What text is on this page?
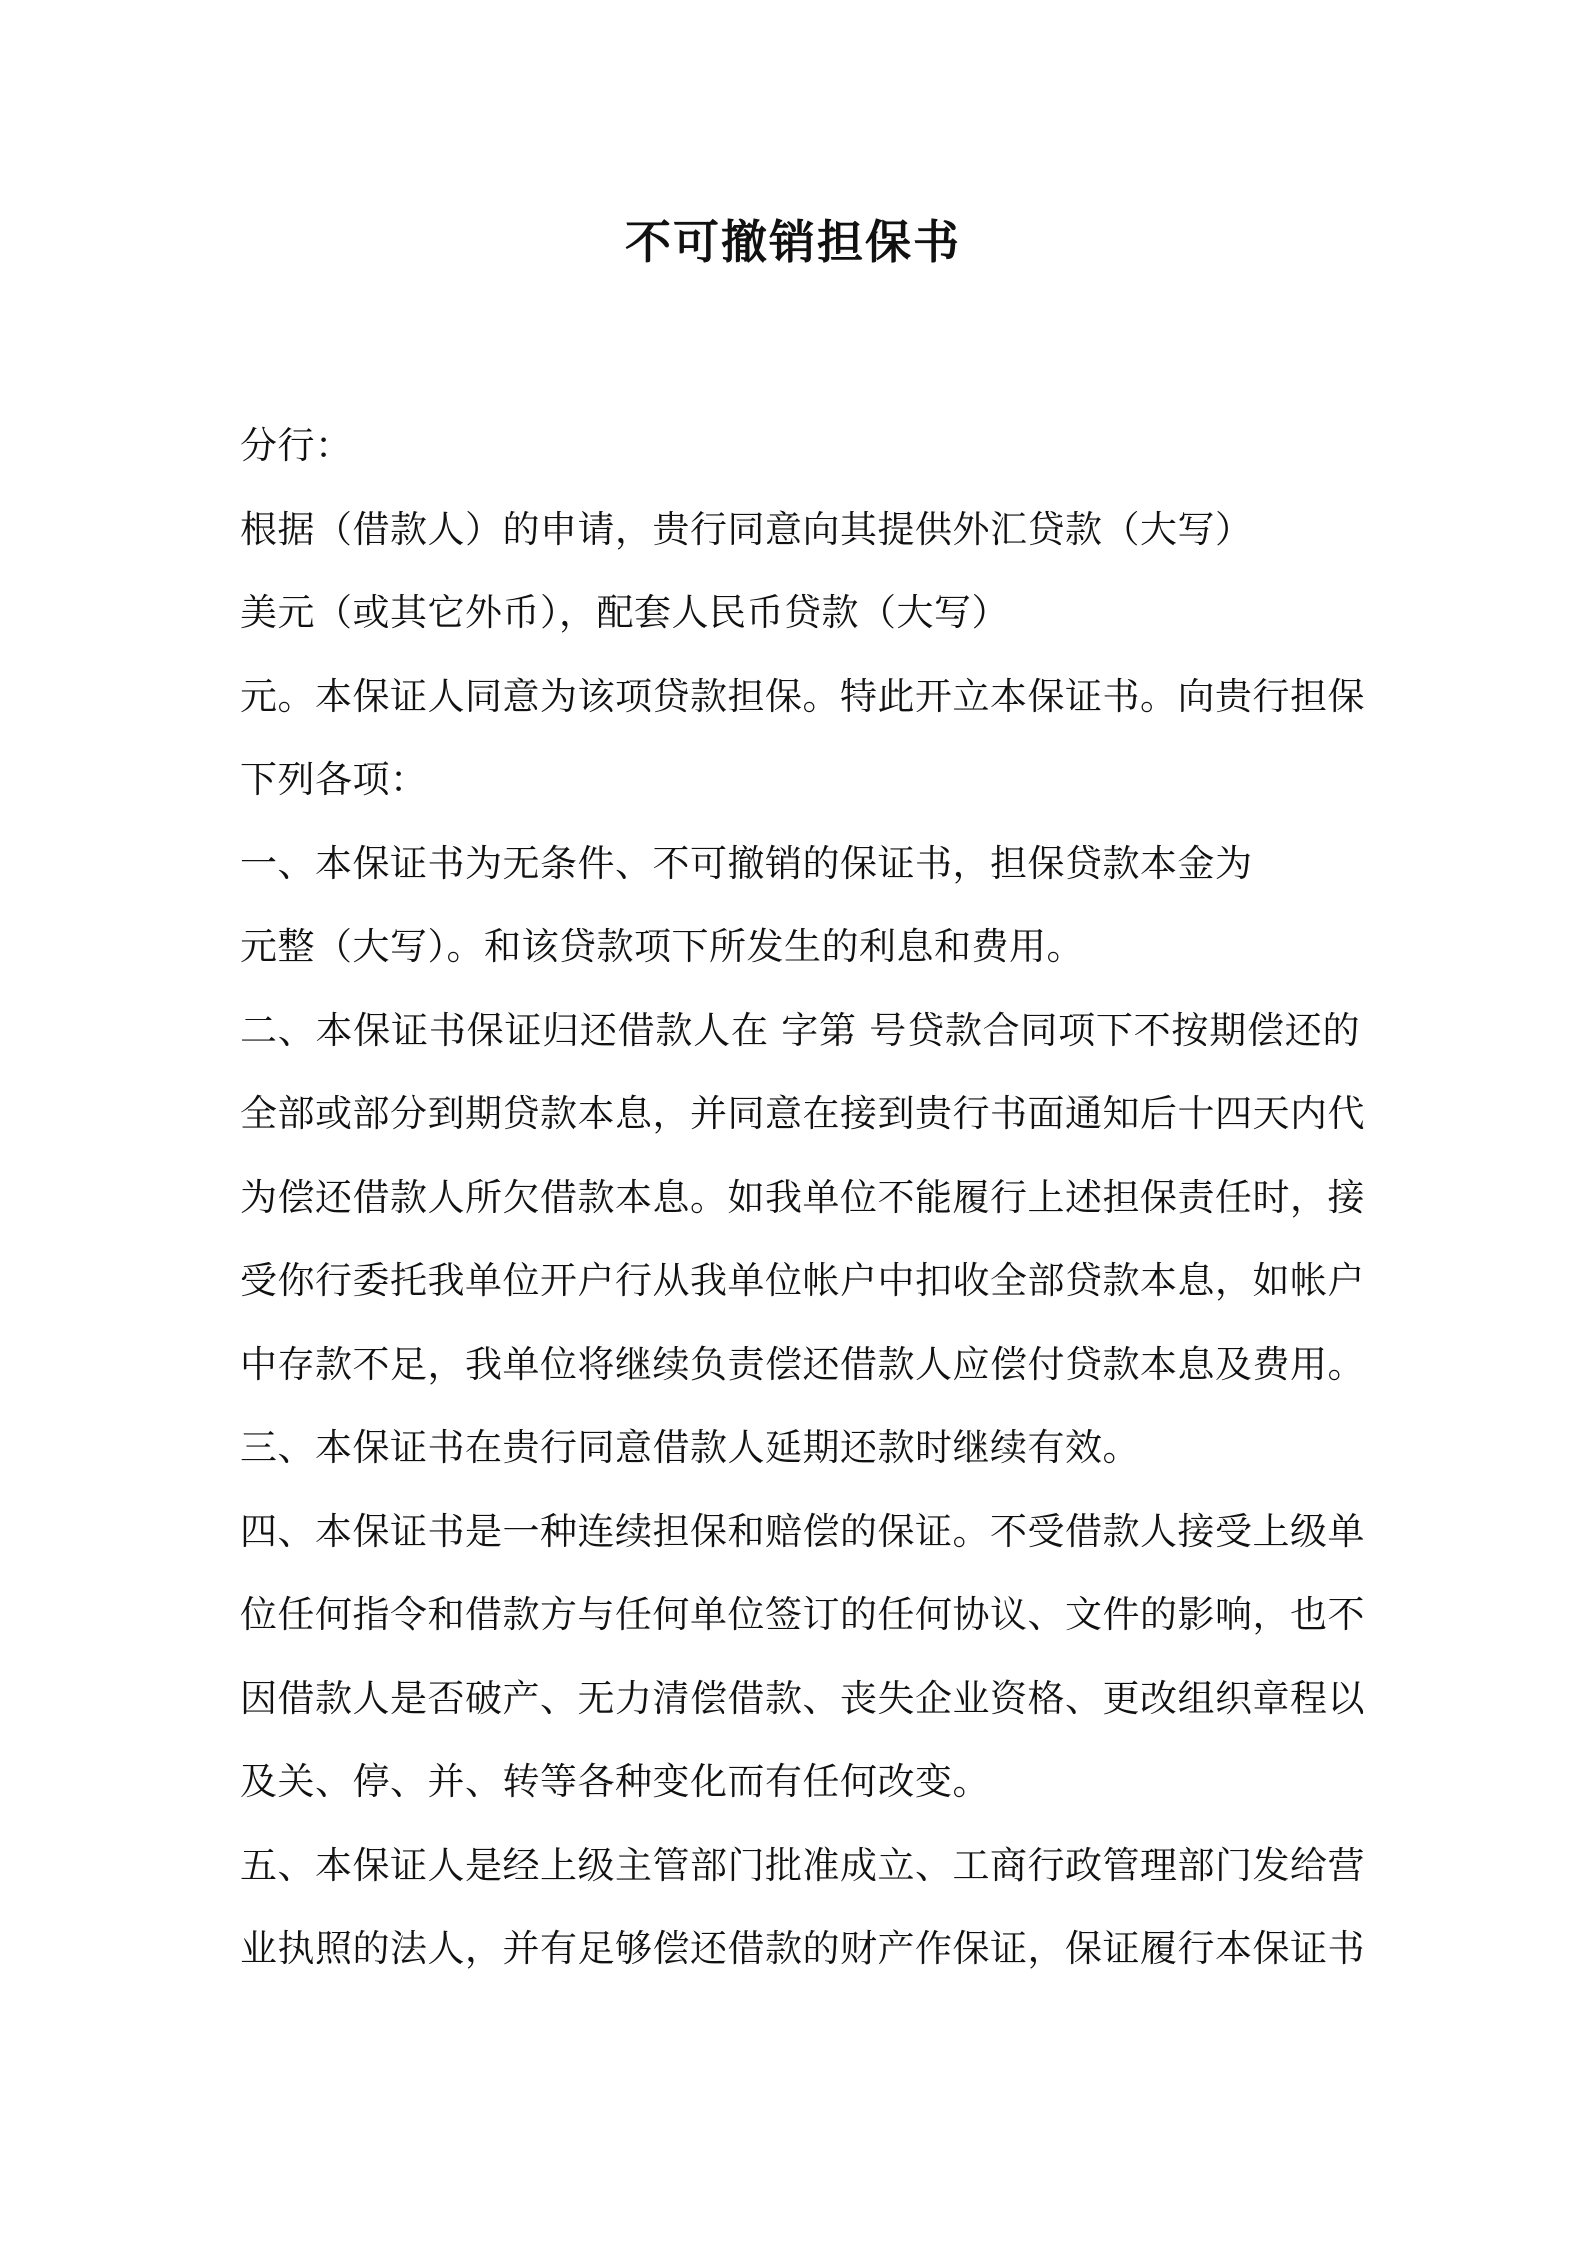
不可撤销担保书
分行：
根据（借款人）的申请，贵行同意向其提供外汇贷款（大写）
美元（或其它外币），配套人民币贷款（大写）
元。本保证人同意为该项贷款担保。特此开立本保证书。向贵行担保
下列各项：
一、本保证书为无条件、不可撤销的保证书，担保贷款本金为
元整（大写）。和该贷款项下所发生的利息和费用。
二、本保证书保证归还借款人在 字第 号贷款合同项下不按期偿还的
全部或部分到期贷款本息，并同意在接到贵行书面通知后十四天内代
为偿还借款人所欠借款本息。如我单位不能履行上述担保责任时，接
受你行委托我单位开户行从我单位帐户中扣收全部贷款本息，如帐户
中存款不足，我单位将继续负责偿还借款人应偿付贷款本息及费用。
三、本保证书在贵行同意借款人延期还款时继续有效。
四、本保证书是一种连续担保和赔偿的保证。不受借款人接受上级单
位任何指令和借款方与任何单位签订的任何协议、文件的影响，也不
因借款人是否破产、无力清偿借款、丧失企业资格、更改组织章程以
及关、停、并、转等各种变化而有任何改变。
五、本保证人是经上级主管部门批准成立、工商行政管理部门发给营
业执照的法人，并有足够偿还借款的财产作保证，保证履行本保证书
